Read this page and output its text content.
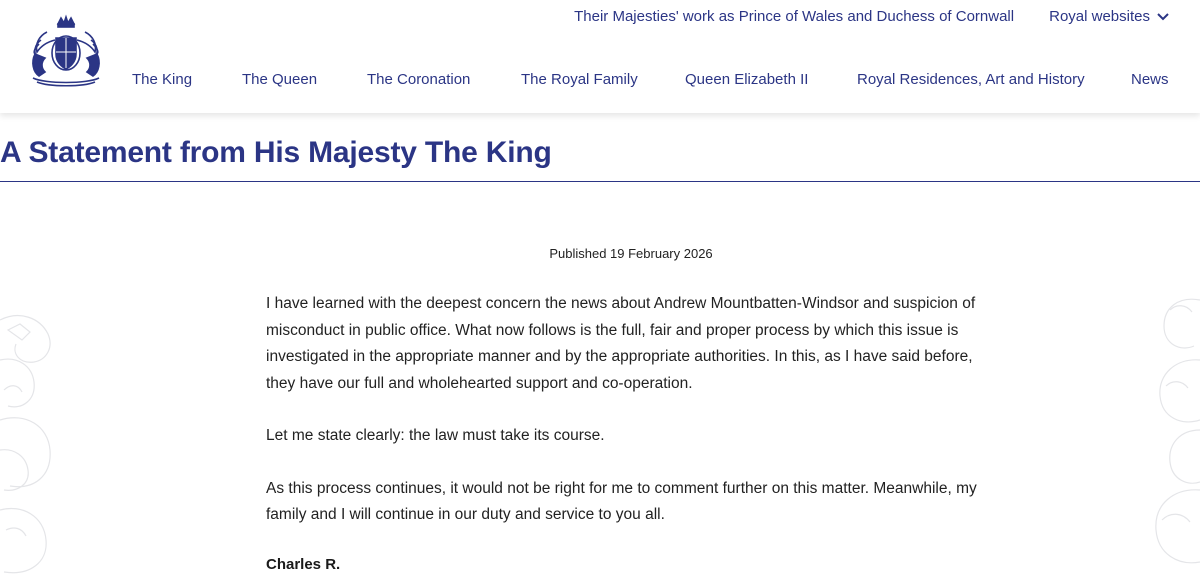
Their Majesties' work as Prince of Wales and Duchess of Cornwall Royal websites
The King	The Queen	The Coronation	The Royal Family	Queen Elizabeth II	Royal Residences, Art and History	News
A Statement from His Majesty The King
Published 19 February 2026

I have learned with the deepest concern the news about Andrew Mountbatten-Windsor and suspicion of misconduct in public office. What now follows is the full, fair and proper process by which this issue is investigated in the appropriate manner and by the appropriate authorities. In this, as I have said before, they have our full and wholehearted support and co-operation.

Let me state clearly: the law must take its course.

As this process continues, it would not be right for me to comment further on this matter. Meanwhile, my family and I will continue in our duty and service to you all.

Charles R.
